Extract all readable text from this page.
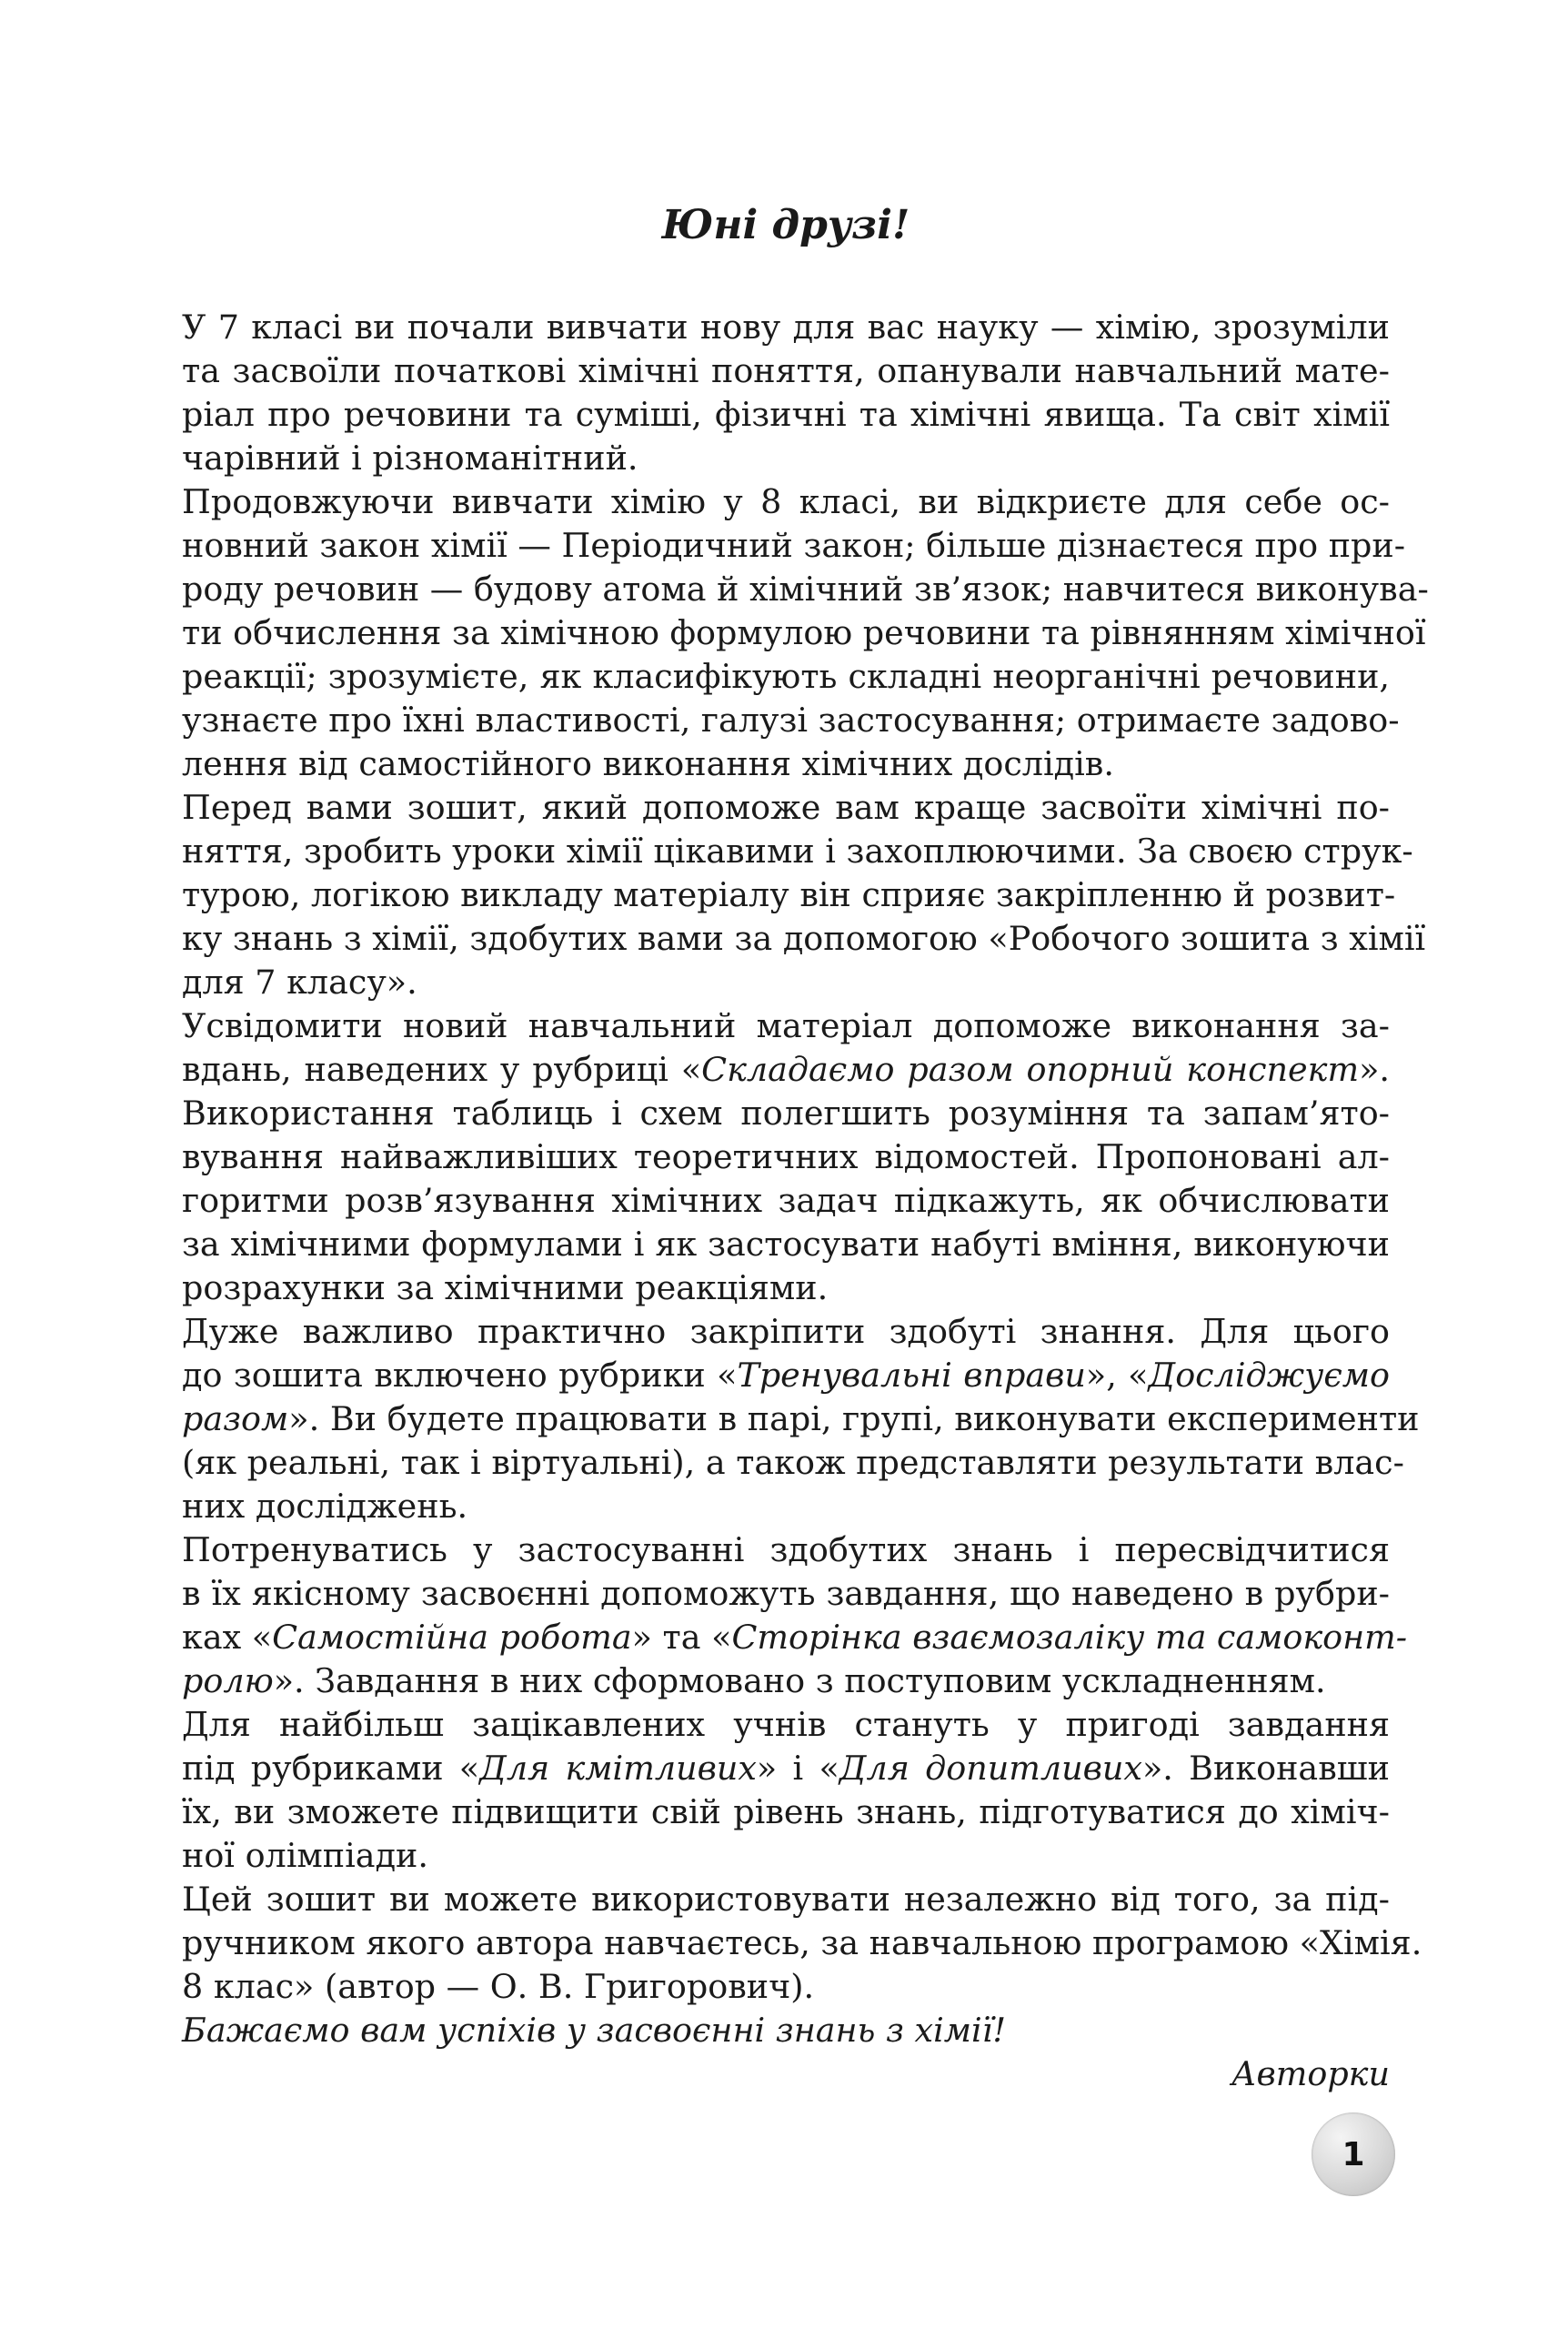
Юні друзі!
У 7 класі ви почали вивчати нову для вас науку — хімію, зрозуміли
та засвоїли початкові хімічні поняття, опанували навчальний мате-
ріал про речовини та суміші, фізичні та хімічні явища. Та світ хімії
чарівний і різноманітний.
Продовжуючи вивчати хімію у 8 класі, ви відкриєте для себе ос-
новний закон хімії — Періодичний закон; більше дізнаєтеся про при-
роду речовин — будову атома й хімічний зв’язок; навчитеся виконува-
ти обчислення за хімічною формулою речовини та рівнянням хімічної
реакції; зрозумієте, як класифікують складні неорганічні речовини,
узнаєте про їхні властивості, галузі застосування; отримаєте задово-
лення від самостійного виконання хімічних дослідів.
Перед вами зошит, який допоможе вам краще засвоїти хімічні по-
няття, зробить уроки хімії цікавими і захоплюючими. За своєю струк-
турою, логікою викладу матеріалу він сприяє закріпленню й розвит-
ку знань з хімії, здобутих вами за допомогою «Робочого зошита з хімії
для 7 класу».
Усвідомити новий навчальний матеріал допоможе виконання за-
вдань, наведених у рубриці «Складаємо разом опорний конспект».
Використання таблиць і схем полегшить розуміння та запам’ято-
вування найважливіших теоретичних відомостей. Пропоновані ал-
горитми розв’язування хімічних задач підкажуть, як обчислювати
за хімічними формулами і як застосувати набуті вміння, виконуючи
розрахунки за хімічними реакціями.
Дуже важливо практично закріпити здобуті знання. Для цього
до зошита включено рубрики «Тренувальні вправи», «Досліджуємо
разом». Ви будете працювати в парі, групі, виконувати експерименти
(як реальні, так і віртуальні), а також представляти результати влас-
них досліджень.
Потренуватись у застосуванні здобутих знань і пересвідчитися
в їх якісному засвоєнні допоможуть завдання, що наведено в рубри-
ках «Самостійна робота» та «Сторінка взаємозаліку та самоконт-
ролю». Завдання в них сформовано з поступовим ускладненням.
Для найбільш зацікавлених учнів стануть у пригоді завдання
під рубриками «Для кмітливих» і «Для допитливих». Виконавши
їх, ви зможете підвищити свій рівень знань, підготуватися до хіміч-
ної олімпіади.
Цей зошит ви можете використовувати незалежно від того, за під-
ручником якого автора навчаєтесь, за навчальною програмою «Хімія.
8 клас» (автор — О. В. Григорович).
Бажаємо вам успіхів у засвоєнні знань з хімії!
Авторки
1
